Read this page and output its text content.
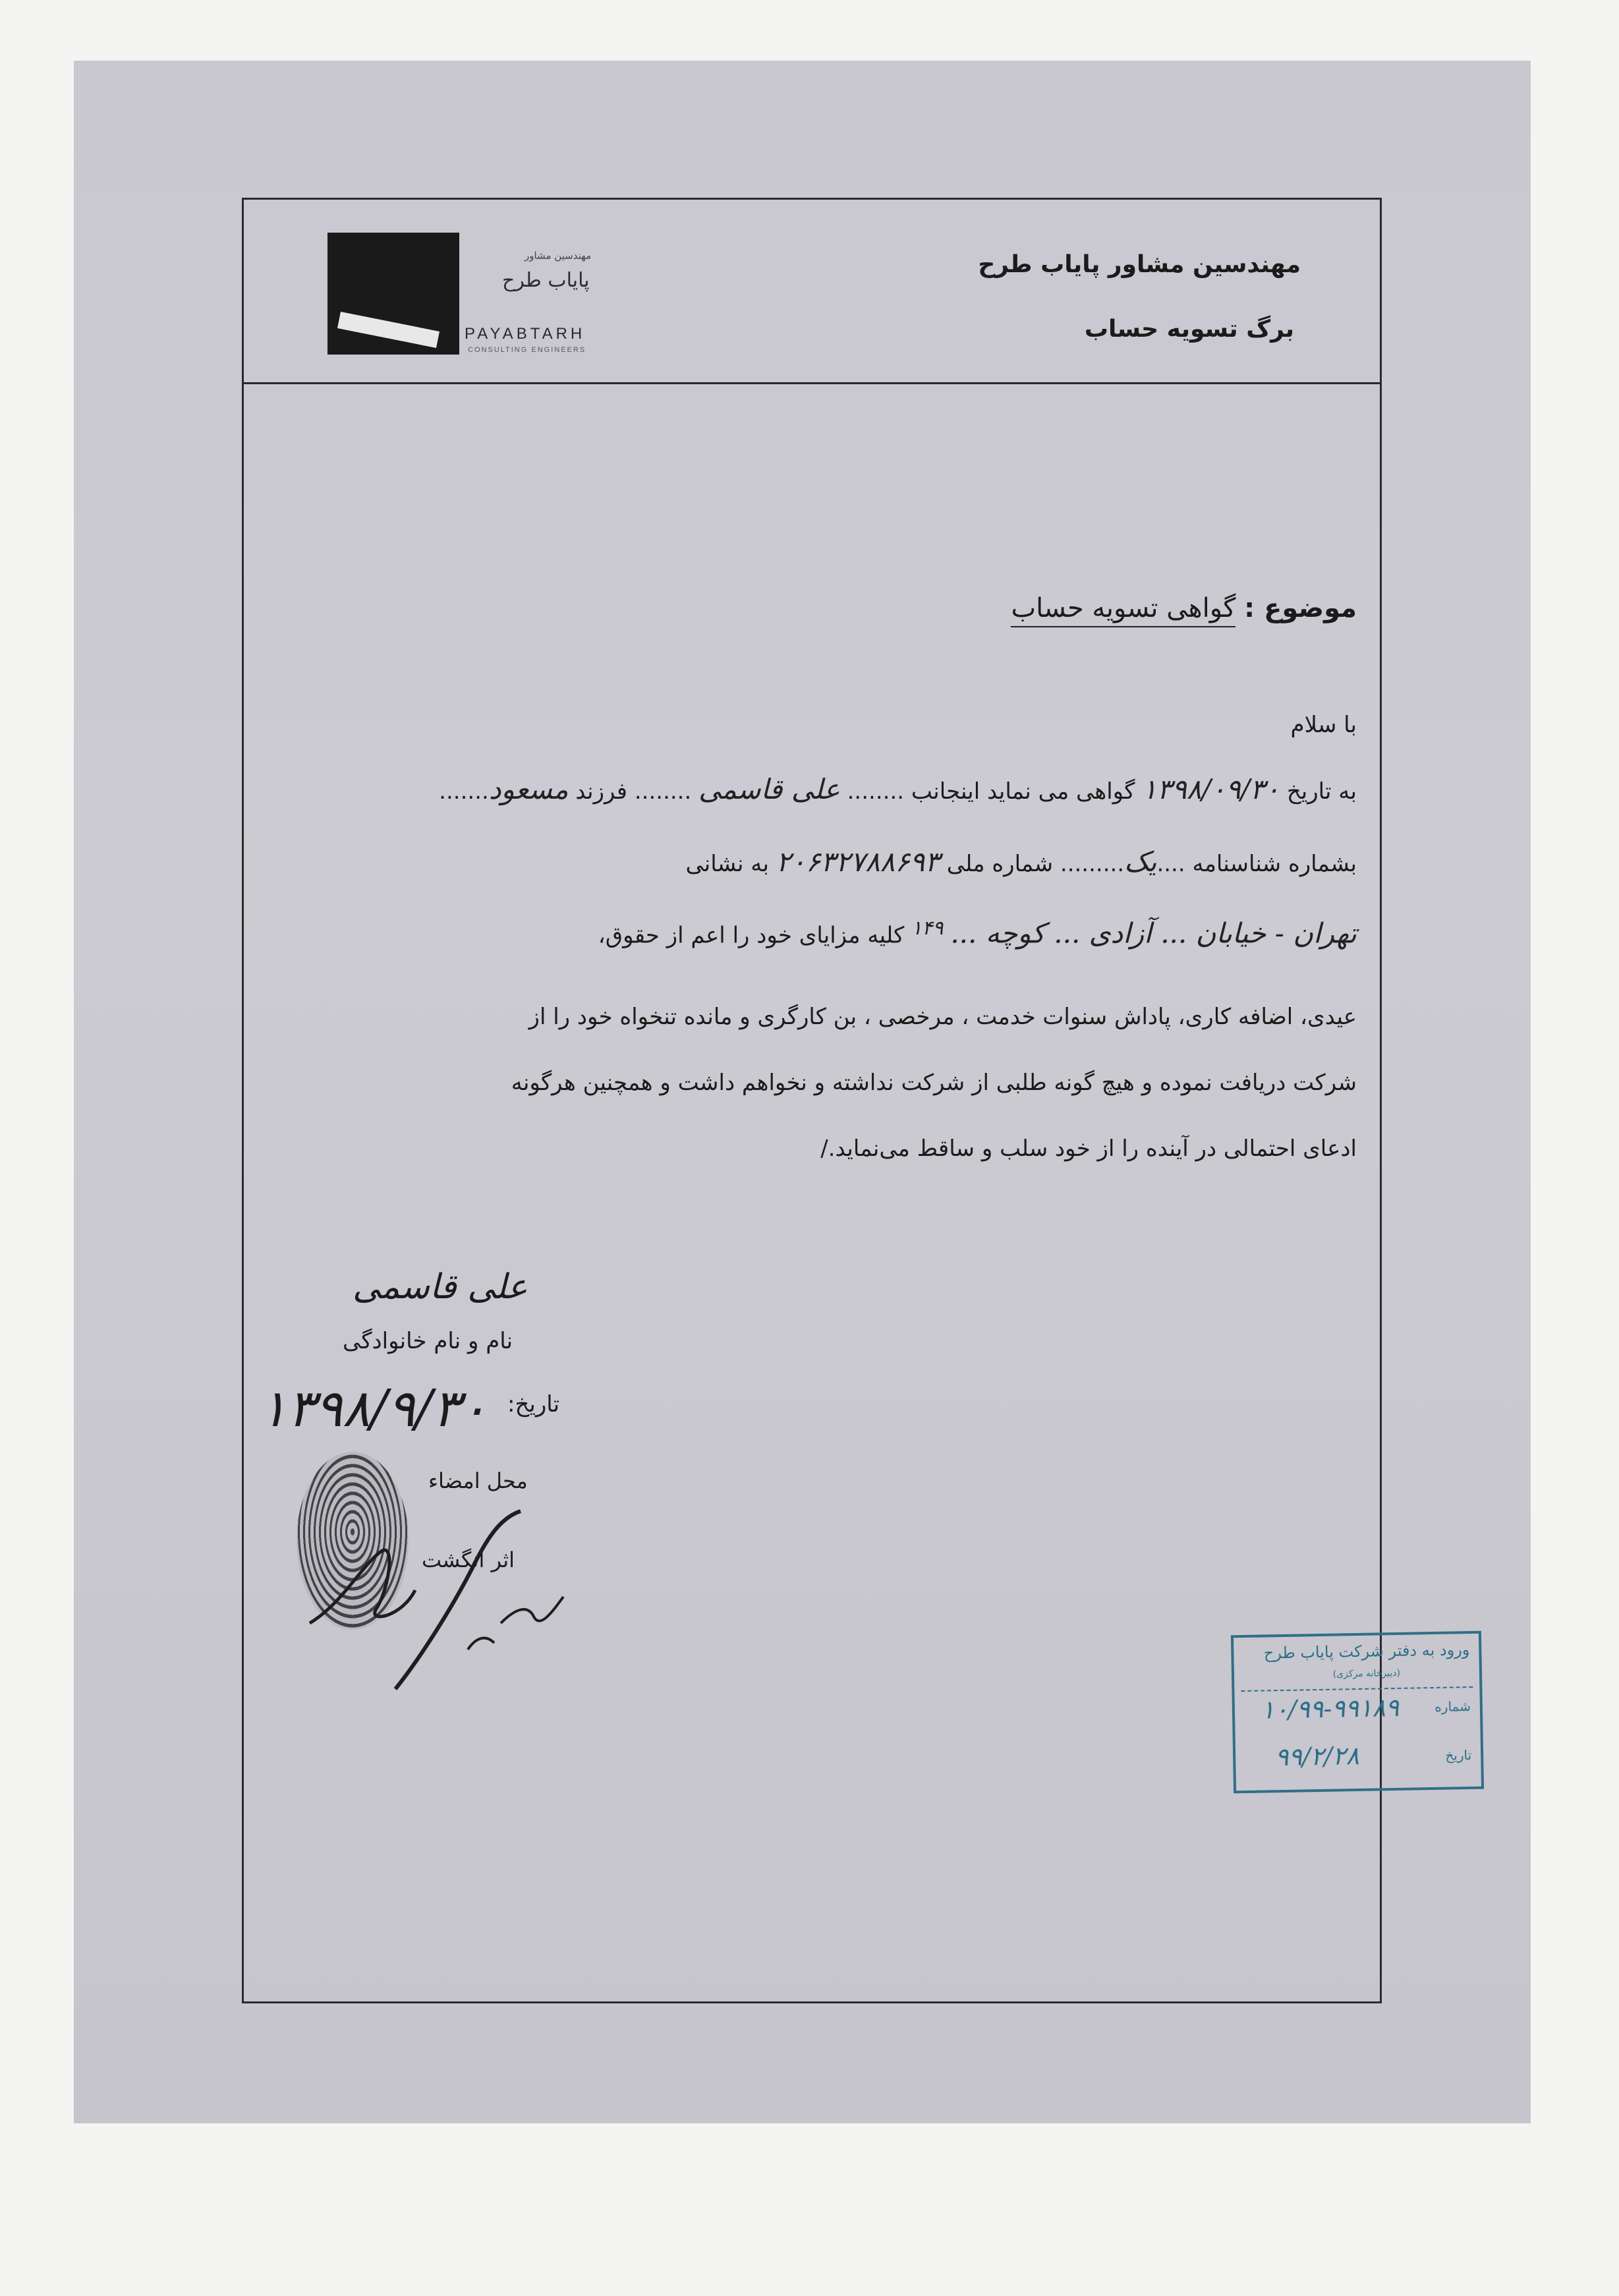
مهندسین مشاور پایاب طرح
برگ تسویه حساب
مهندسین مشاور
پایاب طرح
PAYABTARH
CONSULTING ENGINEERS
موضوع : گواهی تسویه حساب
با سلام
به تاریخ ۱۳۹۸/۰۹/۳۰ گواهی می نماید اینجانب ........ علی قاسمی ........ فرزند مسعود.......
بشماره شناسنامه ....یک......... شماره ملی ۲۰۶۳۲۷۸۸۶۹۳ به نشانی
تهران - خیابان ... آزادی ... کوچه ... ۱۴۹ کلیه مزایای خود را اعم از حقوق،
عیدی، اضافه کاری، پاداش سنوات خدمت ، مرخصی ، بن کارگری و مانده تنخواه خود را از
شرکت دریافت نموده و هیچ گونه طلبی از شرکت نداشته و نخواهم داشت و همچنین هرگونه
ادعای احتمالی در آینده را از خود سلب و ساقط می‌نماید./
علی قاسمی
نام و نام خانوادگی
تاریخ:
۱۳۹۸/۹/۳۰
محل امضاء
اثر انگشت
ورود به دفتر شرکت پایاب طرح
(دبیرخانه مرکزی)
شماره
۱۰/۹۹-۹۹۱۸۹
تاریخ
۹۹/۲/۲۸
